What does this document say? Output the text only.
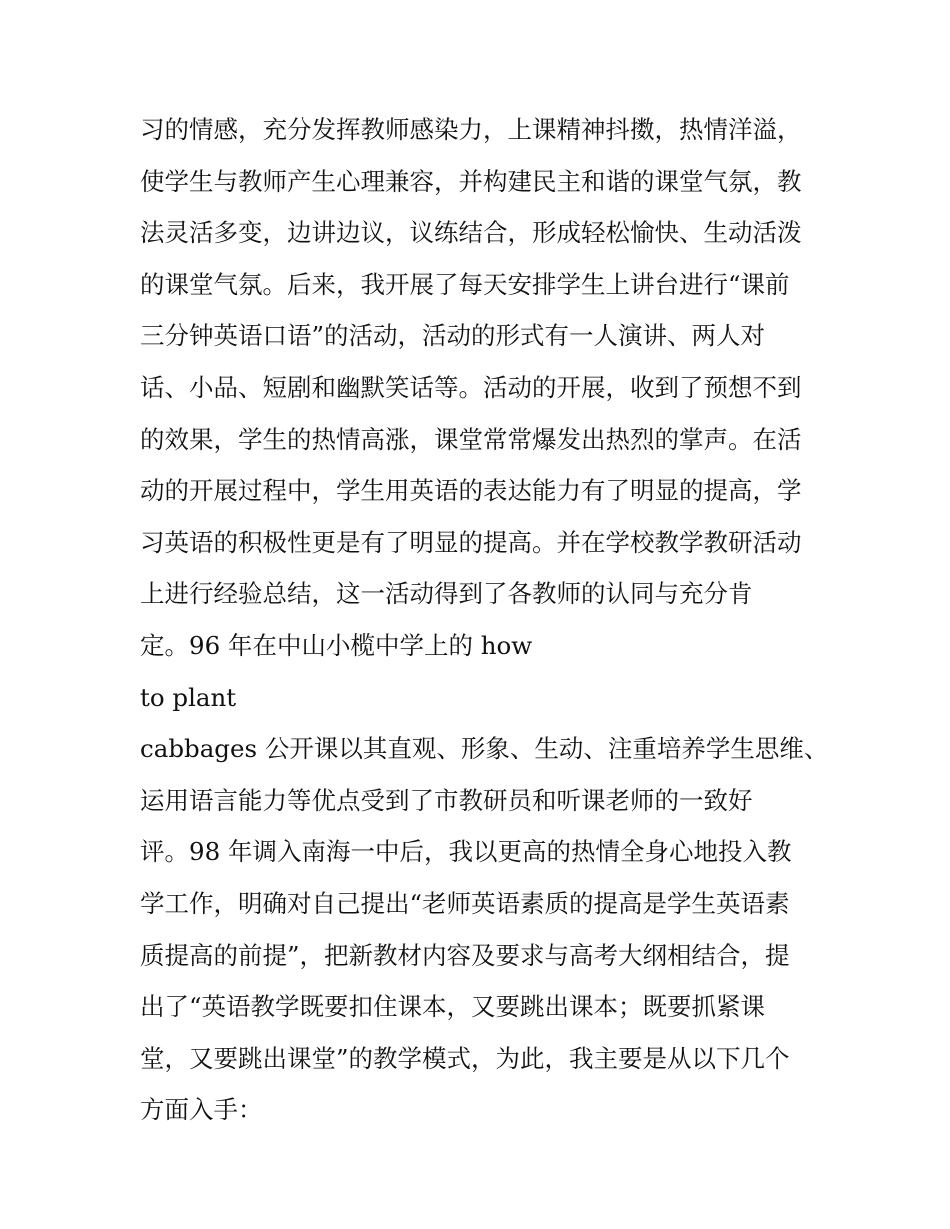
习的情感，充分发挥教师感染力，上课精神抖擞，热情洋溢，
使学生与教师产生心理兼容，并构建民主和谐的课堂气氛，教
法灵活多变，边讲边议，议练结合，形成轻松愉快、生动活泼
的课堂气氛。后来，我开展了每天安排学生上讲台进行“课前
三分钟英语口语”的活动，活动的形式有一人演讲、两人对
话、小品、短剧和幽默笑话等。活动的开展，收到了预想不到
的效果，学生的热情高涨，课堂常常爆发出热烈的掌声。在活
动的开展过程中，学生用英语的表达能力有了明显的提高，学
习英语的积极性更是有了明显的提高。并在学校教学教研活动
上进行经验总结，这一活动得到了各教师的认同与充分肯
定。96 年在中山小榄中学上的 how
to plant
cabbages 公开课以其直观、形象、生动、注重培养学生思维、
运用语言能力等优点受到了市教研员和听课老师的一致好
评。98 年调入南海一中后，我以更高的热情全身心地投入教
学工作，明确对自己提出“老师英语素质的提高是学生英语素
质提高的前提”，把新教材内容及要求与高考大纲相结合，提
出了“英语教学既要扣住课本，又要跳出课本；既要抓紧课
堂，又要跳出课堂”的教学模式，为此，我主要是从以下几个
方面入手：
